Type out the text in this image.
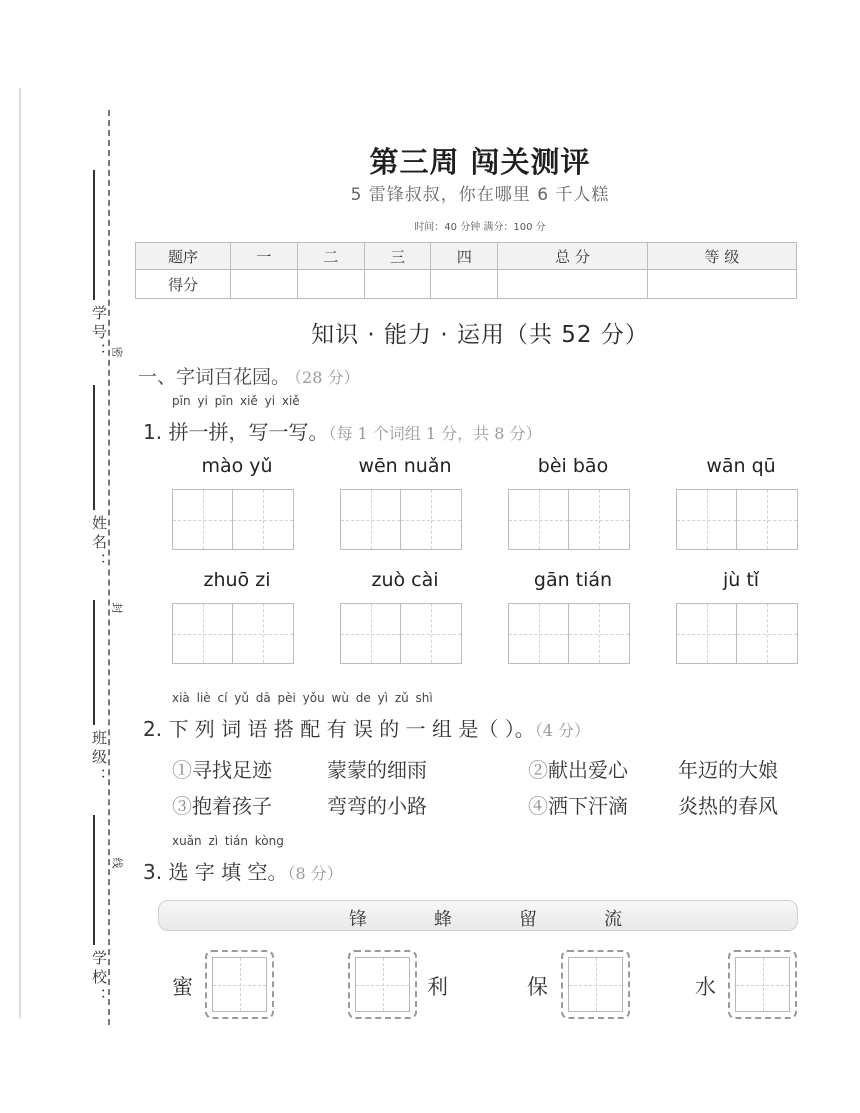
学号：
姓名：
班级：
学校：
密
封
线
第三周 闯关测评
5 雷锋叔叔，你在哪里 6 千人糕
时间：40 分钟 满分：100 分
题序	一	二	三	四	总 分	等 级
得分						
知识 · 能力 · 运用（共 52 分）
一、字词百花园。 （28 分）
pīn yi pīn xiě yi xiě
1. 拼一拼，写一写。（每 1 个词组 1 分，共 8 分）
mào yǔ	wēn nuǎn	bèi bāo	wān qū
zhuō zi	zuò cài	gān tián	jù tǐ
xià liè cí yǔ dā pèi yǒu wù de yì zǔ shì
2. 下 列 词 语 搭 配 有 误 的 一 组 是（ ）。（4 分）
①寻找足迹	蒙蒙的细雨	②献出爱心	年迈的大娘
③抱着孩子	弯弯的小路	④洒下汗滴	炎热的春风
xuǎn zì tián kòng
3. 选 字 填 空。（8 分）
锋	蜂	留	流
蜜	利	保	水
